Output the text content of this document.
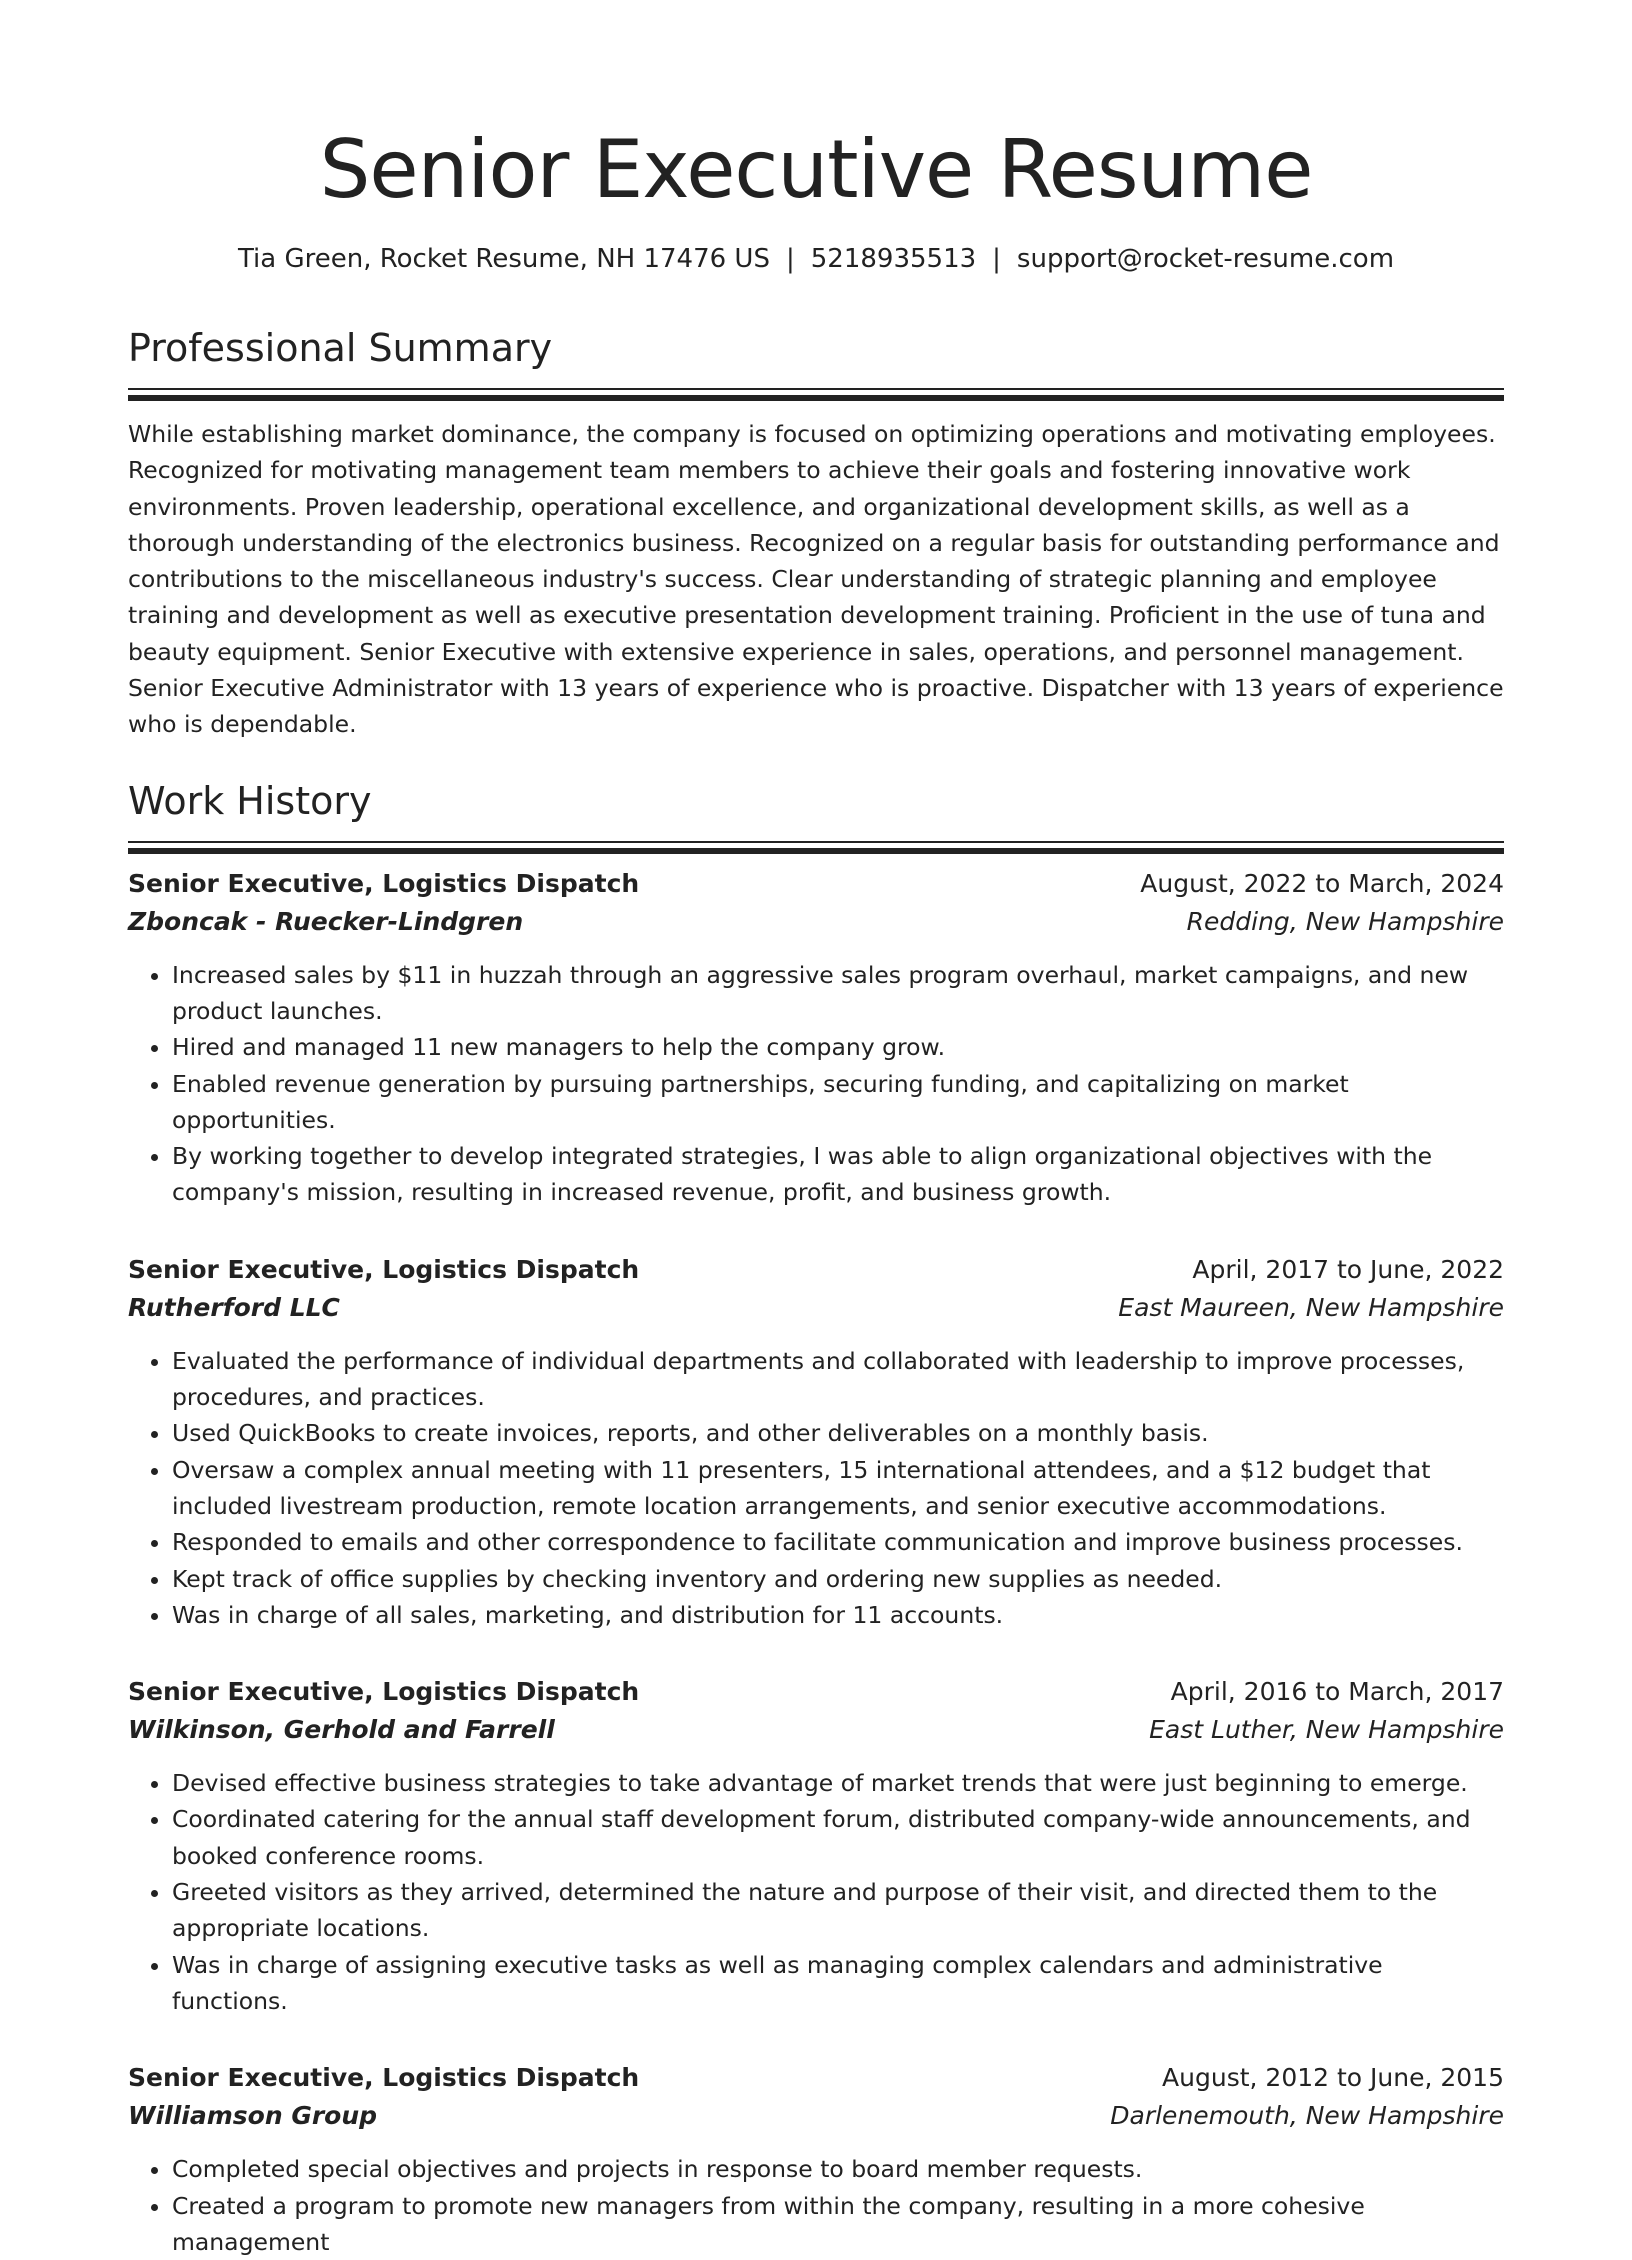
Senior Executive Resume
Tia Green, Rocket Resume, NH 17476 US | 5218935513 | support@rocket-resume.com
Professional Summary

While establishing market dominance, the company is focused on optimizing operations and motivating employees. Recognized for motivating management team members to achieve their goals and fostering innovative work environments. Proven leadership, operational excellence, and organizational development skills, as well as a thorough understanding of the electronics business. Recognized on a regular basis for outstanding performance and contributions to the miscellaneous industry's success. Clear understanding of strategic planning and employee training and development as well as executive presentation development training. Proficient in the use of tuna and beauty equipment. Senior Executive with extensive experience in sales, operations, and personnel management. Senior Executive Administrator with 13 years of experience who is proactive. Dispatcher with 13 years of experience who is dependable.

Work History
Senior Executive, Logistics Dispatch	August, 2022 to March, 2024
Zboncak - Ruecker-Lindgren	Redding, New Hampshire
• Increased sales by $11 in huzzah through an aggressive sales program overhaul, market campaigns, and new product launches.
• Hired and managed 11 new managers to help the company grow.
• Enabled revenue generation by pursuing partnerships, securing funding, and capitalizing on market opportunities.
• By working together to develop integrated strategies, I was able to align organizational objectives with the company's mission, resulting in increased revenue, profit, and business growth.
Senior Executive, Logistics Dispatch	April, 2017 to June, 2022
Rutherford LLC	East Maureen, New Hampshire
• Evaluated the performance of individual departments and collaborated with leadership to improve processes, procedures, and practices.
• Used QuickBooks to create invoices, reports, and other deliverables on a monthly basis.
• Oversaw a complex annual meeting with 11 presenters, 15 international attendees, and a $12 budget that included livestream production, remote location arrangements, and senior executive accommodations.
• Responded to emails and other correspondence to facilitate communication and improve business processes.
• Kept track of office supplies by checking inventory and ordering new supplies as needed.
• Was in charge of all sales, marketing, and distribution for 11 accounts.
Senior Executive, Logistics Dispatch	April, 2016 to March, 2017
Wilkinson, Gerhold and Farrell	East Luther, New Hampshire
• Devised effective business strategies to take advantage of market trends that were just beginning to emerge.
• Coordinated catering for the annual staff development forum, distributed company-wide announcements, and booked conference rooms.
• Greeted visitors as they arrived, determined the nature and purpose of their visit, and directed them to the appropriate locations.
• Was in charge of assigning executive tasks as well as managing complex calendars and administrative functions.
Senior Executive, Logistics Dispatch	August, 2012 to June, 2015
Williamson Group	Darlenemouth, New Hampshire
• Completed special objectives and projects in response to board member requests.
• Created a program to promote new managers from within the company, resulting in a more cohesive management
